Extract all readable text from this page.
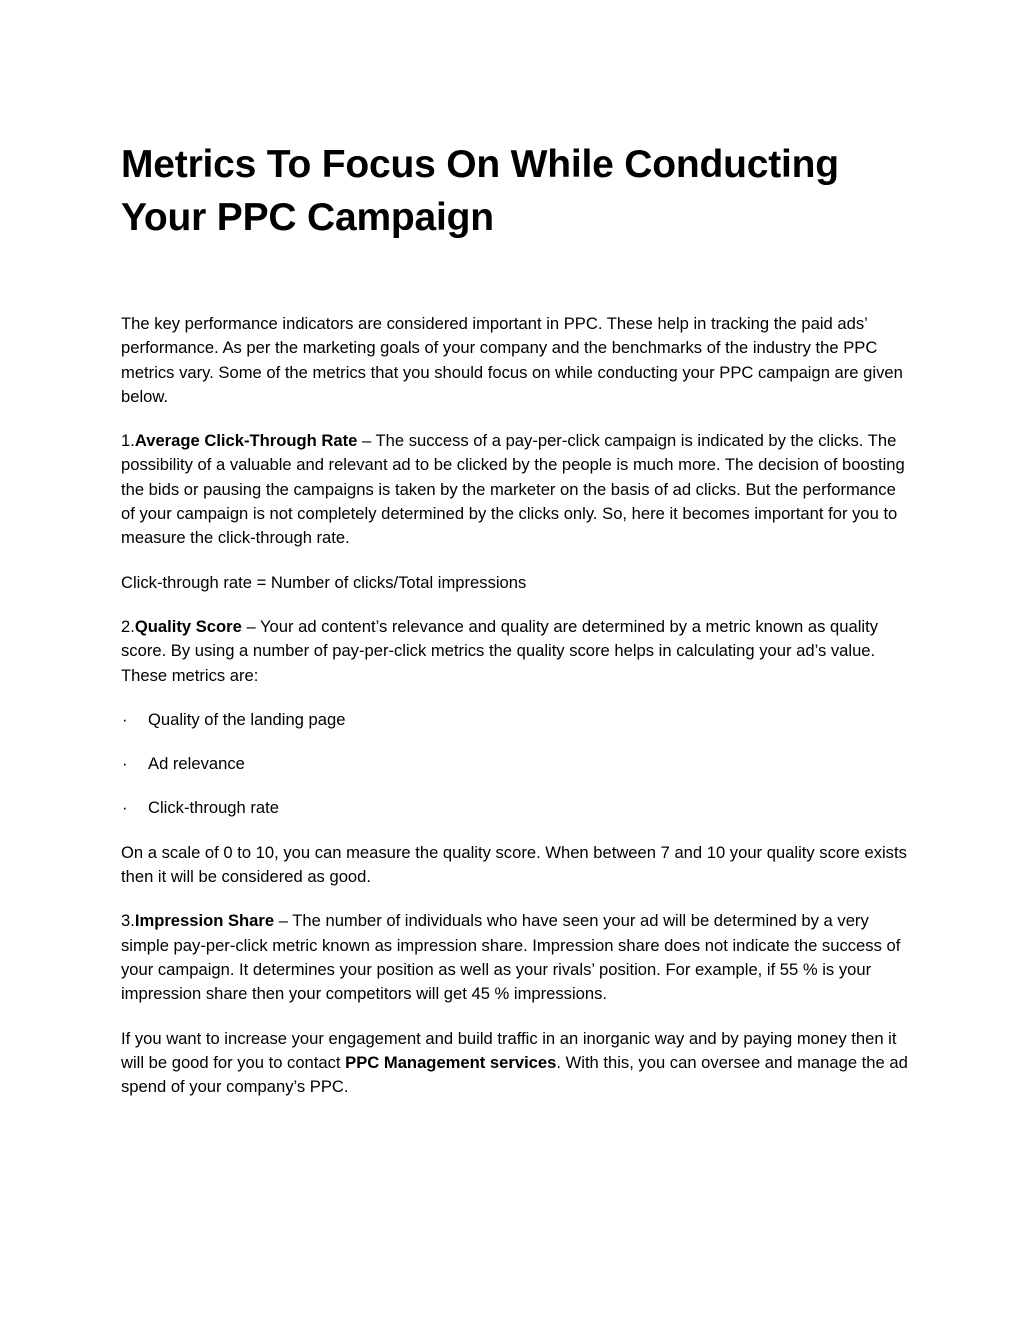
Metrics To Focus On While Conducting Your PPC Campaign

The key performance indicators are considered important in PPC. These help in tracking the paid ads’ performance. As per the marketing goals of your company and the benchmarks of the industry the PPC metrics vary. Some of the metrics that you should focus on while conducting your PPC campaign are given below.

1.Average Click-Through Rate – The success of a pay-per-click campaign is indicated by the clicks. The possibility of a valuable and relevant ad to be clicked by the people is much more. The decision of boosting the bids or pausing the campaigns is taken by the marketer on the basis of ad clicks. But the performance of your campaign is not completely determined by the clicks only. So, here it becomes important for you to measure the click-through rate.

Click-through rate = Number of clicks/Total impressions

2.Quality Score – Your ad content’s relevance and quality are determined by a metric known as quality score. By using a number of pay-per-click metrics the quality score helps in calculating your ad’s value. These metrics are:

·	Quality of the landing page
·	Ad relevance
·	Click-through rate

On a scale of 0 to 10, you can measure the quality score. When between 7 and 10 your quality score exists then it will be considered as good.

3.Impression Share – The number of individuals who have seen your ad will be determined by a very simple pay-per-click metric known as impression share. Impression share does not indicate the success of your campaign. It determines your position as well as your rivals’ position. For example, if 55 % is your impression share then your competitors will get 45 % impressions.

If you want to increase your engagement and build traffic in an inorganic way and by paying money then it will be good for you to contact PPC Management services. With this, you can oversee and manage the ad spend of your company’s PPC.
